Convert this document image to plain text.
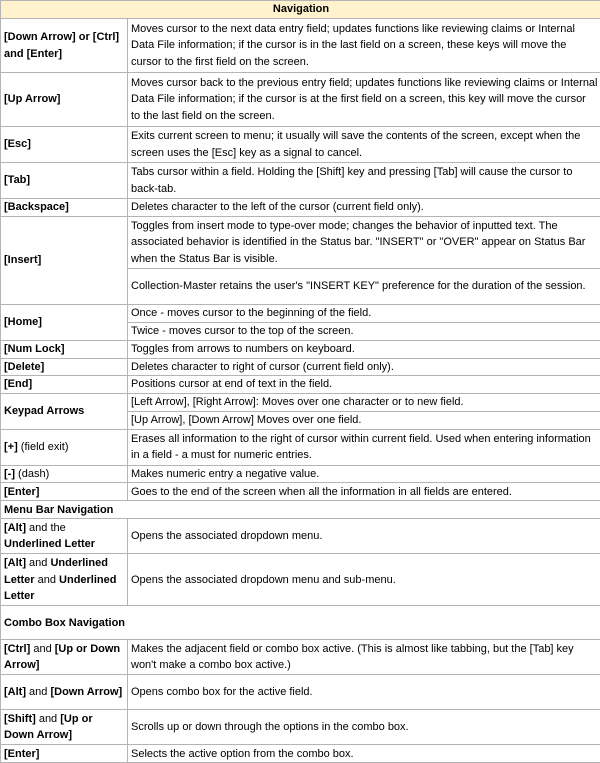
Navigation	
[Down Arrow] or [Ctrl] and [Enter]	Moves cursor to the next data entry field; updates functions like reviewing claims or Internal Data File information; if the cursor is in the last field on a screen, these keys will move the cursor to the first field on the screen.
[Up Arrow]	Moves cursor back to the previous entry field; updates functions like reviewing claims or Internal Data File information; if the cursor is at the first field on a screen, this key will move the cursor to the last field on the screen.
[Esc]	Exits current screen to menu; it usually will save the contents of the screen, except when the screen uses the [Esc] key as a signal to cancel.
[Tab]	Tabs cursor within a field. Holding the [Shift] key and pressing [Tab] will cause the cursor to back-tab.
[Backspace]	Deletes character to the left of the cursor (current field only).
[Insert]	Toggles from insert mode to type-over mode; changes the behavior of inputted text. The associated behavior is identified in the Status bar. "INSERT" or "OVER" appear on Status Bar when the Status Bar is visible.
	Collection-Master retains the user's "INSERT KEY" preference for the duration of the session.
[Home]	Once - moves cursor to the beginning of the field.
	Twice - moves cursor to the top of the screen.
[Num Lock]	Toggles from arrows to numbers on keyboard.
[Delete]	Deletes character to right of cursor (current field only).
[End]	Positions cursor at end of text in the field.
Keypad Arrows	[Left Arrow], [Right Arrow]: Moves over one character or to new field.
	[Up Arrow], [Down Arrow] Moves over one field.
[+] (field exit)	Erases all information to the right of cursor within current field. Used when entering information in a field - a must for numeric entries.
[-] (dash)	Makes numeric entry a negative value.
[Enter]	Goes to the end of the screen when all the information in all fields are entered.
Menu Bar Navigation	
[Alt] and the Underlined Letter	Opens the associated dropdown menu.
[Alt] and Underlined Letter and Underlined Letter	Opens the associated dropdown menu and sub-menu.
Combo Box Navigation	
[Ctrl] and [Up or Down Arrow]	Makes the adjacent field or combo box active. (This is almost like tabbing, but the [Tab] key won't make a combo box active.)
[Alt] and [Down Arrow]	Opens combo box for the active field.
[Shift] and [Up or Down Arrow]	Scrolls up or down through the options in the combo box.
[Enter]	Selects the active option from the combo box.
